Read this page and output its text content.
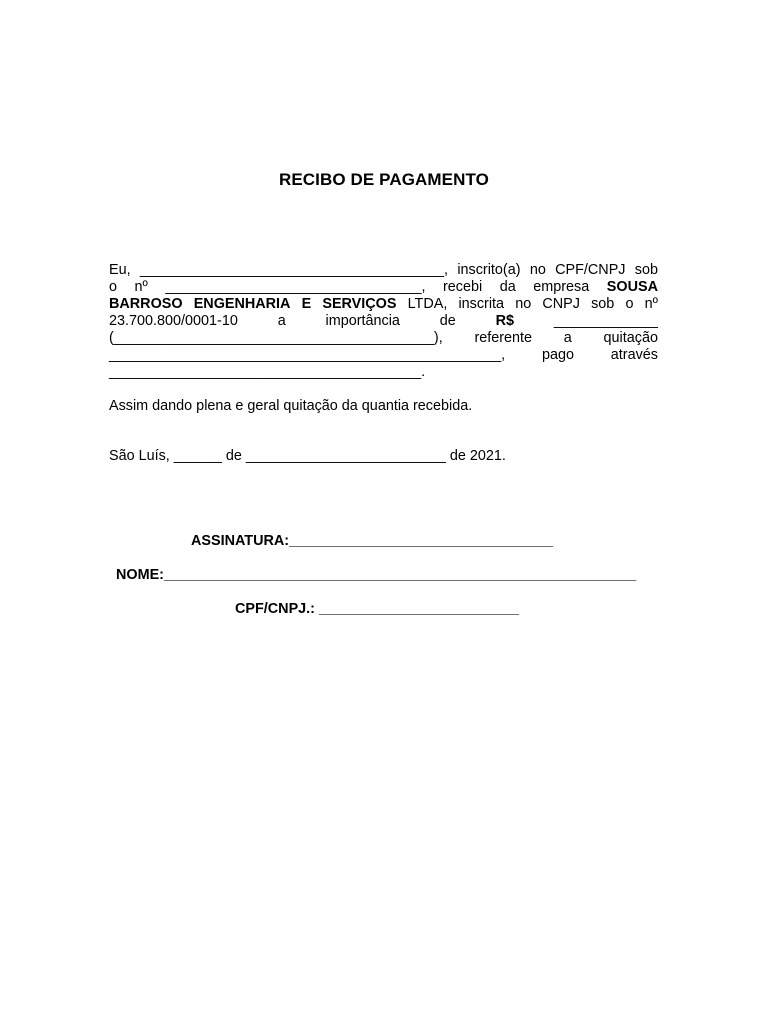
RECIBO DE PAGAMENTO
Eu, ______________________________________, inscrito(a) no CPF/CNPJ sob
o nº ________________________________, recebi da empresa SOUSA
BARROSO ENGENHARIA E SERVIÇOS LTDA, inscrita no CNPJ sob o nº
23.700.800/0001-10	a	importância	de	R$	_____________
(________________________________________), referente a quitação
_________________________________________________,	pago	através
_______________________________________.
Assim dando plena e geral quitação da quantia recebida.
São Luís, ______ de _________________________ de 2021.
ASSINATURA:_________________________________
NOME:___________________________________________________________
CPF/CNPJ.: _________________________
